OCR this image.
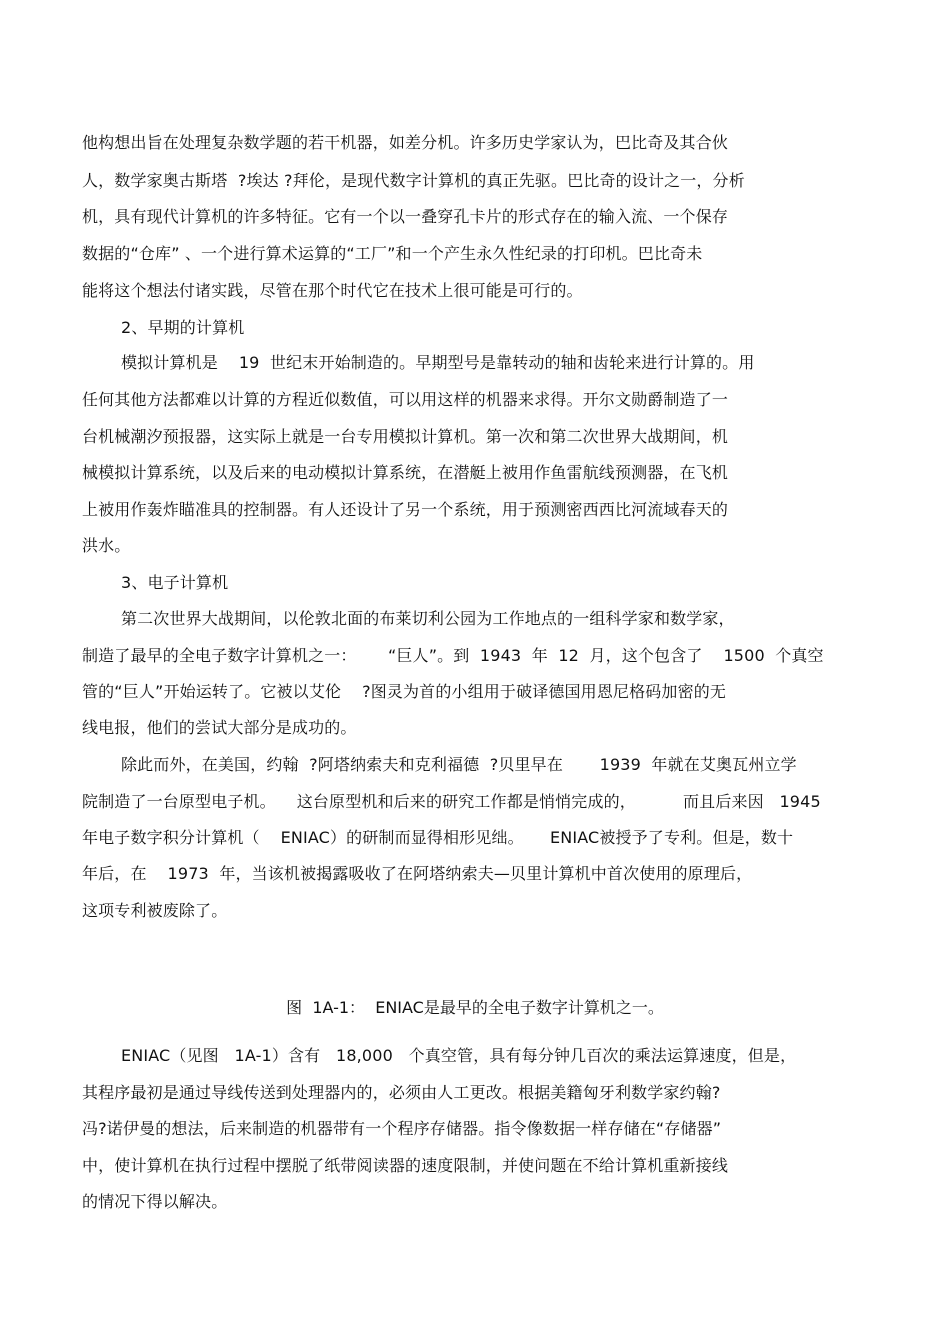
他构想出旨在处理复杂数学题的若干机器，如差分机。许多历史学家认为，巴比奇及其合伙
人，数学家奥古斯塔  ?埃达 ?拜伦，是现代数字计算机的真正先驱。巴比奇的设计之一，分析
机，具有现代计算机的许多特征。它有一个以一叠穿孔卡片的形式存在的输入流、一个保存
数据的“仓库” 、一个进行算术运算的“工厂”和一个产生永久性纪录的打印机。巴比奇未
能将这个想法付诸实践，尽管在那个时代它在技术上很可能是可行的。
2、早期的计算机
模拟计算机是    19  世纪末开始制造的。早期型号是靠转动的轴和齿轮来进行计算的。用
任何其他方法都难以计算的方程近似数值，可以用这样的机器来求得。开尔文勋爵制造了一
台机械潮汐预报器，这实际上就是一台专用模拟计算机。第一次和第二次世界大战期间，机
械模拟计算系统，以及后来的电动模拟计算系统，在潜艇上被用作鱼雷航线预测器，在飞机
上被用作轰炸瞄准具的控制器。有人还设计了另一个系统，用于预测密西西比河流域春天的
洪水。
3、电子计算机
第二次世界大战期间，以伦敦北面的布莱切利公园为工作地点的一组科学家和数学家，
制造了最早的全电子数字计算机之一：      “巨人”。到  1943  年  12  月，这个包含了    1500  个真空
管的“巨人”开始运转了。它被以艾伦    ?图灵为首的小组用于破译德国用恩尼格码加密的无
线电报，他们的尝试大部分是成功的。
除此而外，在美国，约翰  ?阿塔纳索夫和克利福德  ?贝里早在       1939  年就在艾奥瓦州立学
院制造了一台原型电子机。    这台原型机和后来的研究工作都是悄悄完成的，         而且后来因   1945
年电子数字积分计算机（    ENIAC）的研制而显得相形见绌。     ENIAC被授予了专利。但是，数十
年后，在    1973  年，当该机被揭露吸收了在阿塔纳索夫—贝里计算机中首次使用的原理后，
这项专利被废除了。
图  1A-1：  ENIAC是最早的全电子数字计算机之一。
ENIAC（见图   1A-1）含有   18,000   个真空管，具有每分钟几百次的乘法运算速度，但是，
其程序最初是通过导线传送到处理器内的，必须由人工更改。根据美籍匈牙利数学家约翰?
冯?诺伊曼的想法，后来制造的机器带有一个程序存储器。指令像数据一样存储在“存储器”
中，使计算机在执行过程中摆脱了纸带阅读器的速度限制，并使问题在不给计算机重新接线
的情况下得以解决。
